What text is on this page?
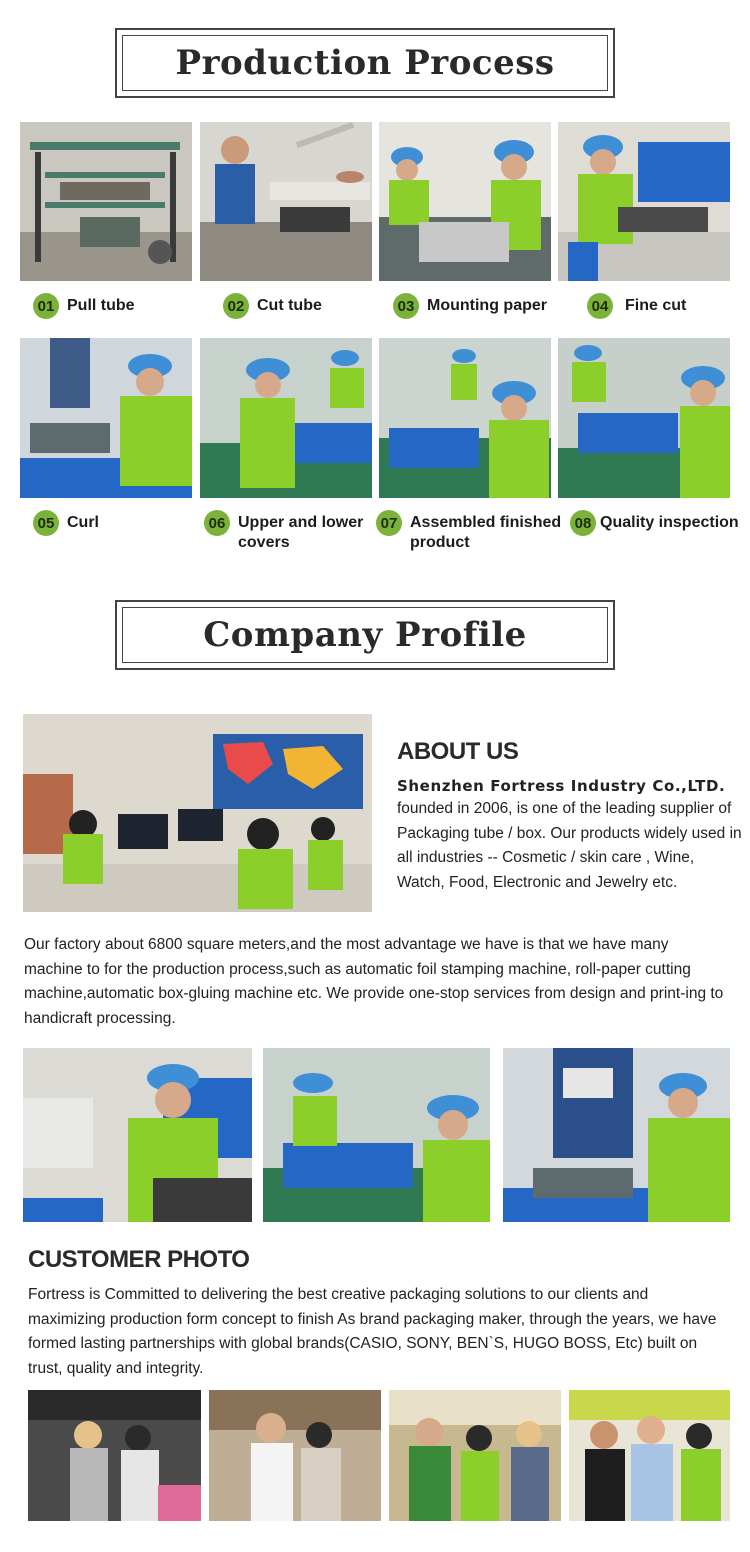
Production Process
01 Pull tube	02 Cut tube	03 Mounting paper	04 Fine cut
05 Curl	06 Upper and lower covers
07 Assembled finished product
08 Quality inspection
Company Profile
ABOUT US
Shenzhen Fortress Industry Co.,LTD.
founded in 2006, is one of the leading supplier of Packaging tube / box. Our products widely used in all industries -- Cosmetic / skin care , Wine, Watch, Food, Electronic and Jewelry etc.
Our factory about 6800 square meters,and the most advantage we have is that we have many machine to for the production process,such as automatic foil stamping machine, roll-paper cutting machine,automatic box-gluing machine etc. We provide one-stop services from design and print-ing to handicraft processing.
CUSTOMER PHOTO
Fortress is Committed to delivering the best creative packaging solutions to our clients and maximizing production form concept to finish As brand packaging maker, through the years, we have formed lasting partnerships with global brands(CASIO, SONY, BEN`S, HUGO BOSS, Etc) built on trust, quality and integrity.
